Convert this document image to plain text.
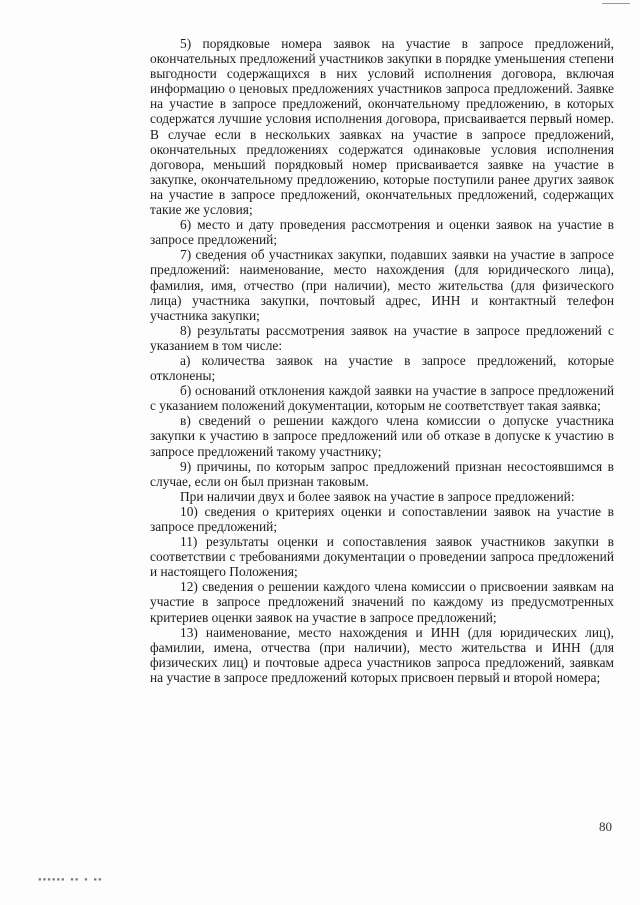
5) порядковые номера заявок на участие в запросе предложений, окончательных предложений участников закупки в порядке уменьшения степени выгодности содержащихся в них условий исполнения договора, включая информацию о ценовых предложениях участников запроса предложений. Заявке на участие в запросе предложений, окончательному предложению, в которых содержатся лучшие условия исполнения договора, присваивается первый номер. В случае если в нескольких заявках на участие в запросе предложений, окончательных предложениях содержатся одинаковые условия исполнения договора, меньший порядковый номер присваивается заявке на участие в закупке, окончательному предложению, которые поступили ранее других заявок на участие в запросе предложений, окончательных предложений, содержащих такие же условия;

6) место и дату проведения рассмотрения и оценки заявок на участие в запросе предложений;

7) сведения об участниках закупки, подавших заявки на участие в запросе предложений: наименование, место нахождения (для юридического лица), фамилия, имя, отчество (при наличии), место жительства (для физического лица) участника закупки, почтовый адрес, ИНН и контактный телефон участника закупки;

8) результаты рассмотрения заявок на участие в запросе предложений с указанием в том числе:

а) количества заявок на участие в запросе предложений, которые отклонены;

б) оснований отклонения каждой заявки на участие в запросе предложений с указанием положений документации, которым не соответствует такая заявка;

в) сведений о решении каждого члена комиссии о допуске участника закупки к участию в запросе предложений или об отказе в допуске к участию в запросе предложений такому участнику;

9) причины, по которым запрос предложений признан несостоявшимся в случае, если он был признан таковым.

При наличии двух и более заявок на участие в запросе предложений:

10) сведения о критериях оценки и сопоставлении заявок на участие в запросе предложений;

11) результаты оценки и сопоставления заявок участников закупки в соответствии с требованиями документации о проведении запроса предложений и настоящего Положения;

12) сведения о решении каждого члена комиссии о присвоении заявкам на участие в запросе предложений значений по каждому из предусмотренных критериев оценки заявок на участие в запросе предложений;

13) наименование, место нахождения и ИНН (для юридических лиц), фамилии, имена, отчества (при наличии), место жительства и ИНН (для физических лиц) и почтовые адреса участников запроса предложений, заявкам на участие в запросе предложений которых присвоен первый и второй номера;

80
▪▪▪▪▪▪ ▪▪ ▪ ▪▪
